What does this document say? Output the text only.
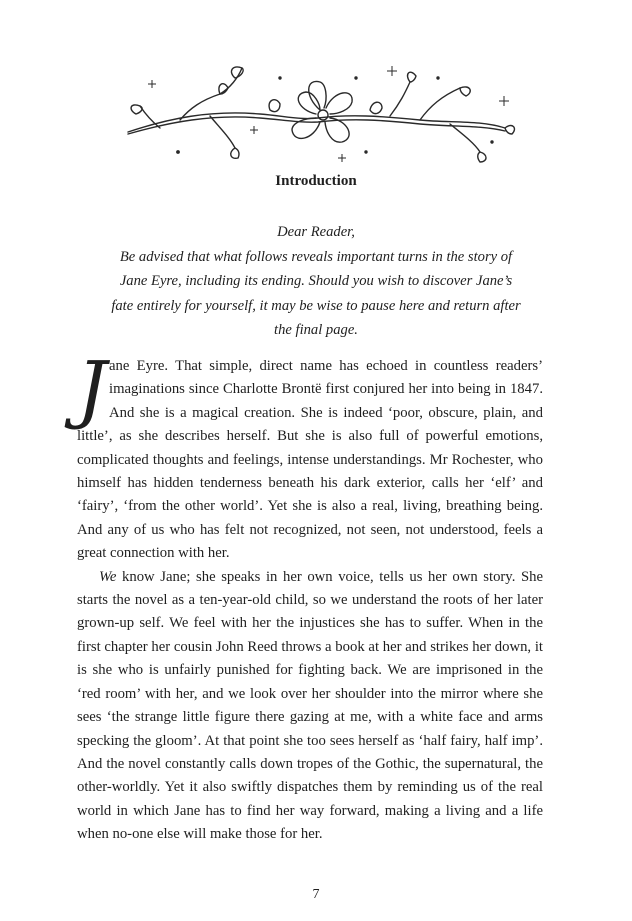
Introduction
Dear Reader,
Be advised that what follows reveals important turns in the story of
Jane Eyre, including its ending. Should you wish to discover Jane’s
fate entirely for yourself, it may be wise to pause here and return after
the final page.

Jane Eyre. That simple, direct name has echoed in countless readers’ imaginations since Charlotte Brontë first conjured her into being in 1847. And she is a magical creation. She is indeed ‘poor, obscure, plain, and little’, as she describes herself. But she is also full of powerful emotions, complicated thoughts and feelings, intense understandings. Mr Rochester, who himself has hidden tenderness beneath his dark exterior, calls her ‘elf’ and ‘fairy’, ‘from the other world’. Yet she is also a real, living, breathing being. And any of us who has felt not recognized, not seen, not understood, feels a great connection with her.

We know Jane; she speaks in her own voice, tells us her own story. She starts the novel as a ten-year-old child, so we understand the roots of her later grown-up self. We feel with her the injustices she has to suffer. When in the first chapter her cousin John Reed throws a book at her and strikes her down, it is she who is unfairly punished for fighting back. We are imprisoned in the ‘red room’ with her, and we look over her shoulder into the mirror where she sees ‘the strange little figure there gazing at me, with a white face and arms specking the gloom’. At that point she too sees herself as ‘half fairy, half imp’. And the novel constantly calls down tropes of the Gothic, the supernatural, the other-worldly. Yet it also swiftly dispatches them by reminding us of the real world in which Jane has to find her way forward, making a living and a life when no-one else will make those for her.

7
